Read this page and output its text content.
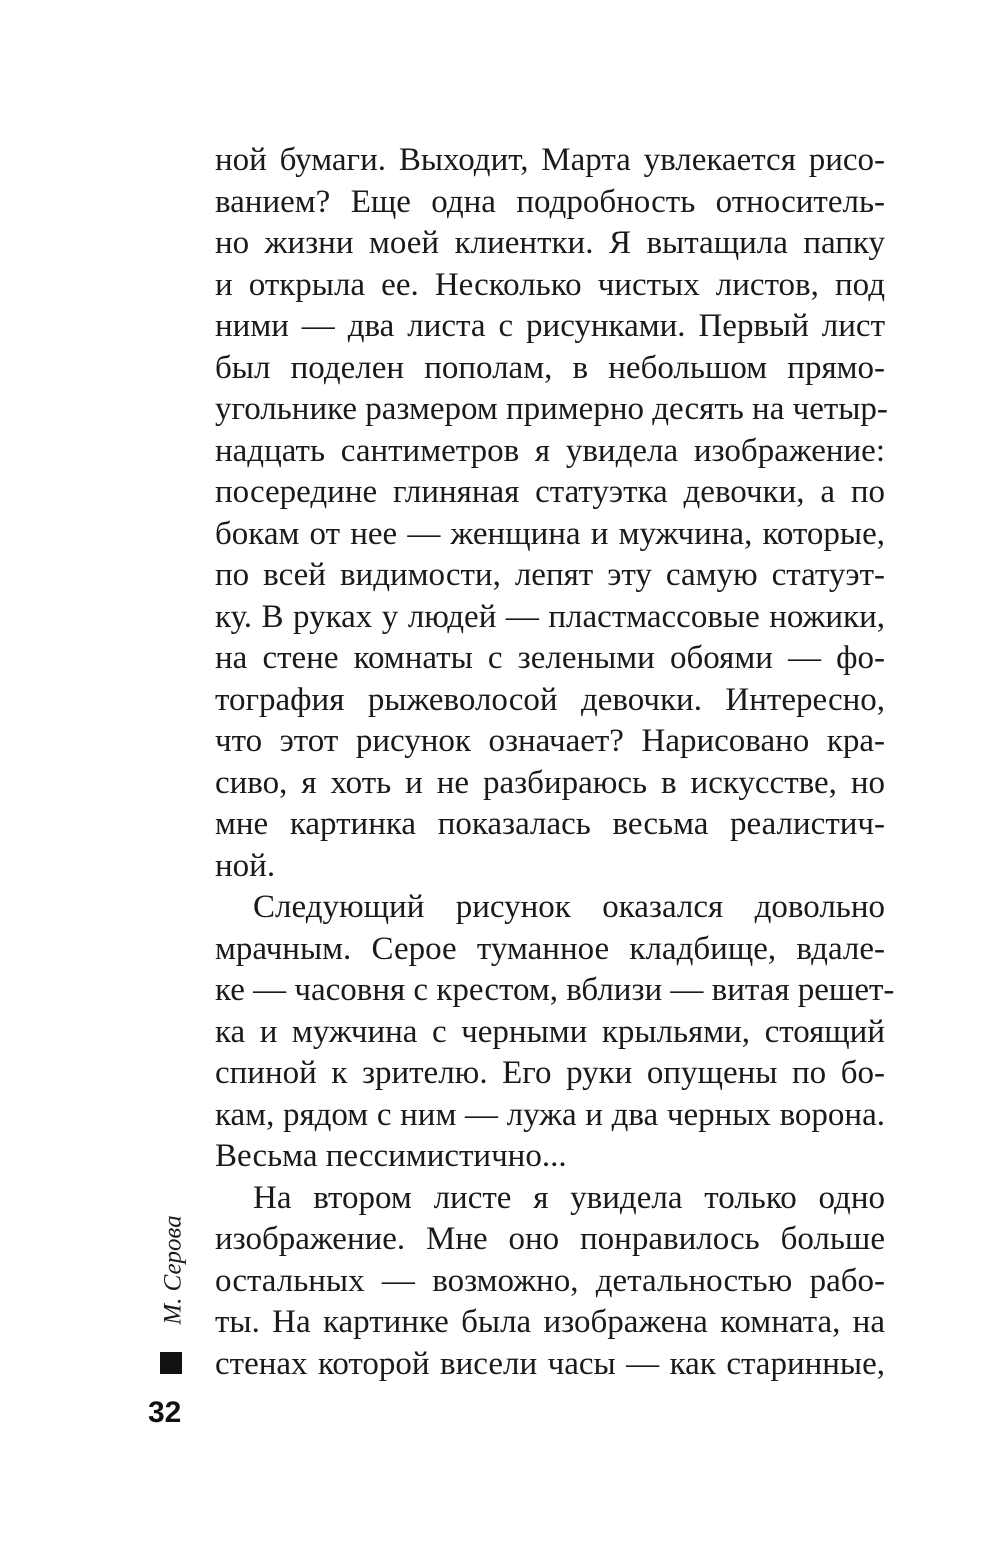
ной бумаги. Выходит, Марта увлекается рисо-
ванием? Еще одна подробность относитель-
но жизни моей клиентки. Я вытащила папку
и открыла ее. Несколько чистых листов, под
ними — два листа с рисунками. Первый лист
был поделен пополам, в небольшом прямо-
угольнике размером примерно десять на четыр-
надцать сантиметров я увидела изображение:
посередине глиняная статуэтка девочки, а по
бокам от нее — женщина и мужчина, которые,
по всей видимости, лепят эту самую статуэт-
ку. В руках у людей — пластмассовые ножики,
на стене комнаты с зелеными обоями — фо-
тография рыжеволосой девочки. Интересно,
что этот рисунок означает? Нарисовано кра-
сиво, я хоть и не разбираюсь в искусстве, но
мне картинка показалась весьма реалистич-
ной.
Следующий рисунок оказался довольно
мрачным. Серое туманное кладбище, вдале-
ке — часовня с крестом, вблизи — витая решет-
ка и мужчина с черными крыльями, стоящий
спиной к зрителю. Его руки опущены по бо-
кам, рядом с ним — лужа и два черных ворона.
Весьма пессимистично...
На втором листе я увидела только одно
изображение. Мне оно понравилось больше
остальных — возможно, детальностью рабо-
ты. На картинке была изображена комната, на
стенах которой висели часы — как старинные,
М. Серова
32
